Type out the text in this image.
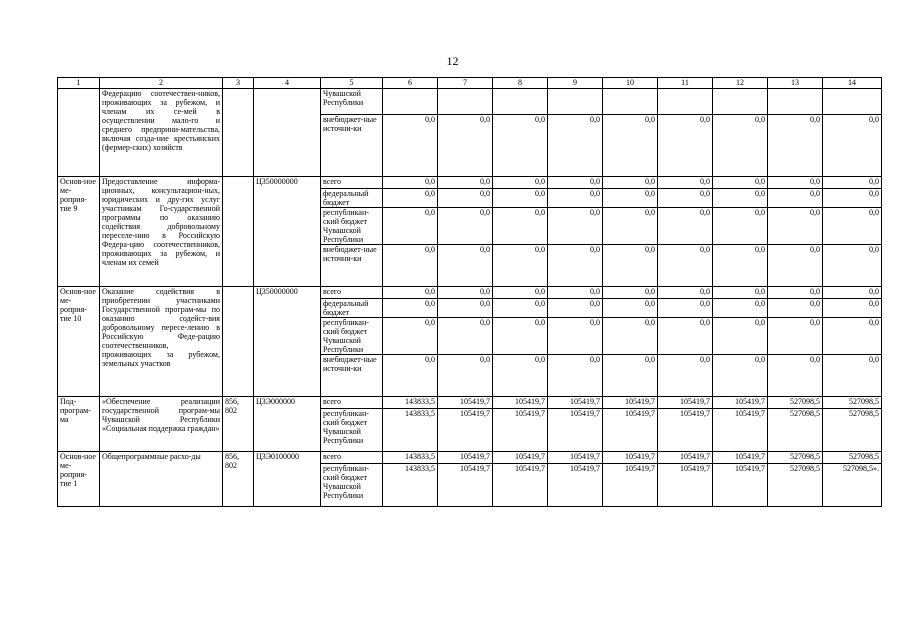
12
1	2	3	4	5	6	7	8	9	10	11	12	13	14
	Федерацию соотечествен-ников, проживающих за рубежом, и членам их се-мей в осуществлении мало-го и среднего предприни-мательства, включая созда-ние крестьянских (фермер-ских) хозяйств			Чувашской Республики									
				внебюджет-ные источни-ки	0,0	0,0	0,0	0,0	0,0	0,0	0,0	0,0	0,0
Основ-ное ме-роприя-тие 9	Предоставление информа-ционных, консультацион-ных, юридических и дру-гих услуг участникам Го-сударственной программы по оказанию содействия добровольному переселе-нию в Российскую Федера-цию соотечественников, проживающих за рубежом, и членам их семей		Ц350000000	всего	0,0	0,0	0,0	0,0	0,0	0,0	0,0	0,0	0,0
				федеральный бюджет	0,0	0,0	0,0	0,0	0,0	0,0	0,0	0,0	0,0
				республикан-ский бюджет Чувашской Республики	0,0	0,0	0,0	0,0	0,0	0,0	0,0	0,0	0,0
				внебюджет-ные источни-ки	0,0	0,0	0,0	0,0	0,0	0,0	0,0	0,0	0,0
Основ-ное ме-роприя-тие 10	Оказание содействия в приобретении участниками Государственной програм-мы по оказанию содейст-вия добровольному пересе-лению в Российскую Феде-рацию соотечественников, проживающих за рубежом, земельных участков		Ц350000000	всего	0,0	0,0	0,0	0,0	0,0	0,0	0,0	0,0	0,0
				федеральный бюджет	0,0	0,0	0,0	0,0	0,0	0,0	0,0	0,0	0,0
				республикан-ский бюджет Чувашской Республики	0,0	0,0	0,0	0,0	0,0	0,0	0,0	0,0	0,0
				внебюджет-ные источни-ки	0,0	0,0	0,0	0,0	0,0	0,0	0,0	0,0	0,0
Под-програм-ма	«Обеспечение реализации государственной програм-мы Чувашской Республики «Социальная поддержка граждан»	856, 802	Ц3Э000000	всего	143833,5	105419,7	105419,7	105419,7	105419,7	105419,7	105419,7	527098,5	527098,5
				республикан-ский бюджет Чувашской Республики	143833,5	105419,7	105419,7	105419,7	105419,7	105419,7	105419,7	527098,5	527098,5
Основ-ное ме-роприя-тие 1	Общепрограммные расхо-ды	856, 802	Ц3Э0100000	всего	143833,5	105419,7	105419,7	105419,7	105419,7	105419,7	105419,7	527098,5	527098,5
				республикан-ский бюджет Чувашской Республики	143833,5	105419,7	105419,7	105419,7	105419,7	105419,7	105419,7	527098,5	527098,5».
